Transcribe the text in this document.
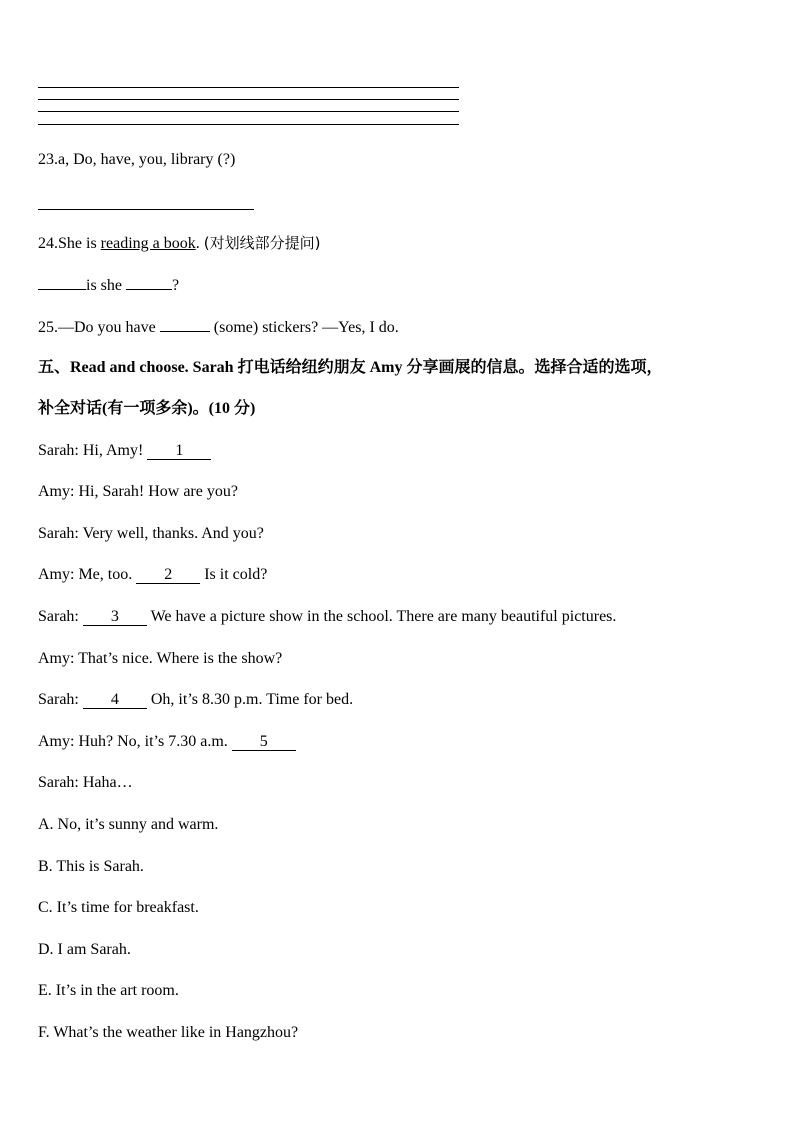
23.a, Do, have, you, library (?)
24.She is reading a book. (对划线部分提问)
is she	?
25.—Do you have	(some) stickers? —Yes, I do.
五、Read and choose. Sarah 打电话给纽约朋友 Amy 分享画展的信息。选择合适的选项，
补全对话(有一项多余)。(10 分)
Sarah: Hi, Amy! 1
Amy: Hi, Sarah! How are you?
Sarah: Very well, thanks. And you?
Amy: Me, too. 2 Is it cold?
Sarah: 3 We have a picture show in the school. There are many beautiful pictures.
Amy: That’s nice. Where is the show?
Sarah: 4 Oh, it’s 8.30 p.m. Time for bed.
Amy: Huh? No, it’s 7.30 a.m. 5
Sarah: Haha…
A. No, it’s sunny and warm.
B. This is Sarah.
C. It’s time for breakfast.
D. I am Sarah.
E. It’s in the art room.
F. What’s the weather like in Hangzhou?
